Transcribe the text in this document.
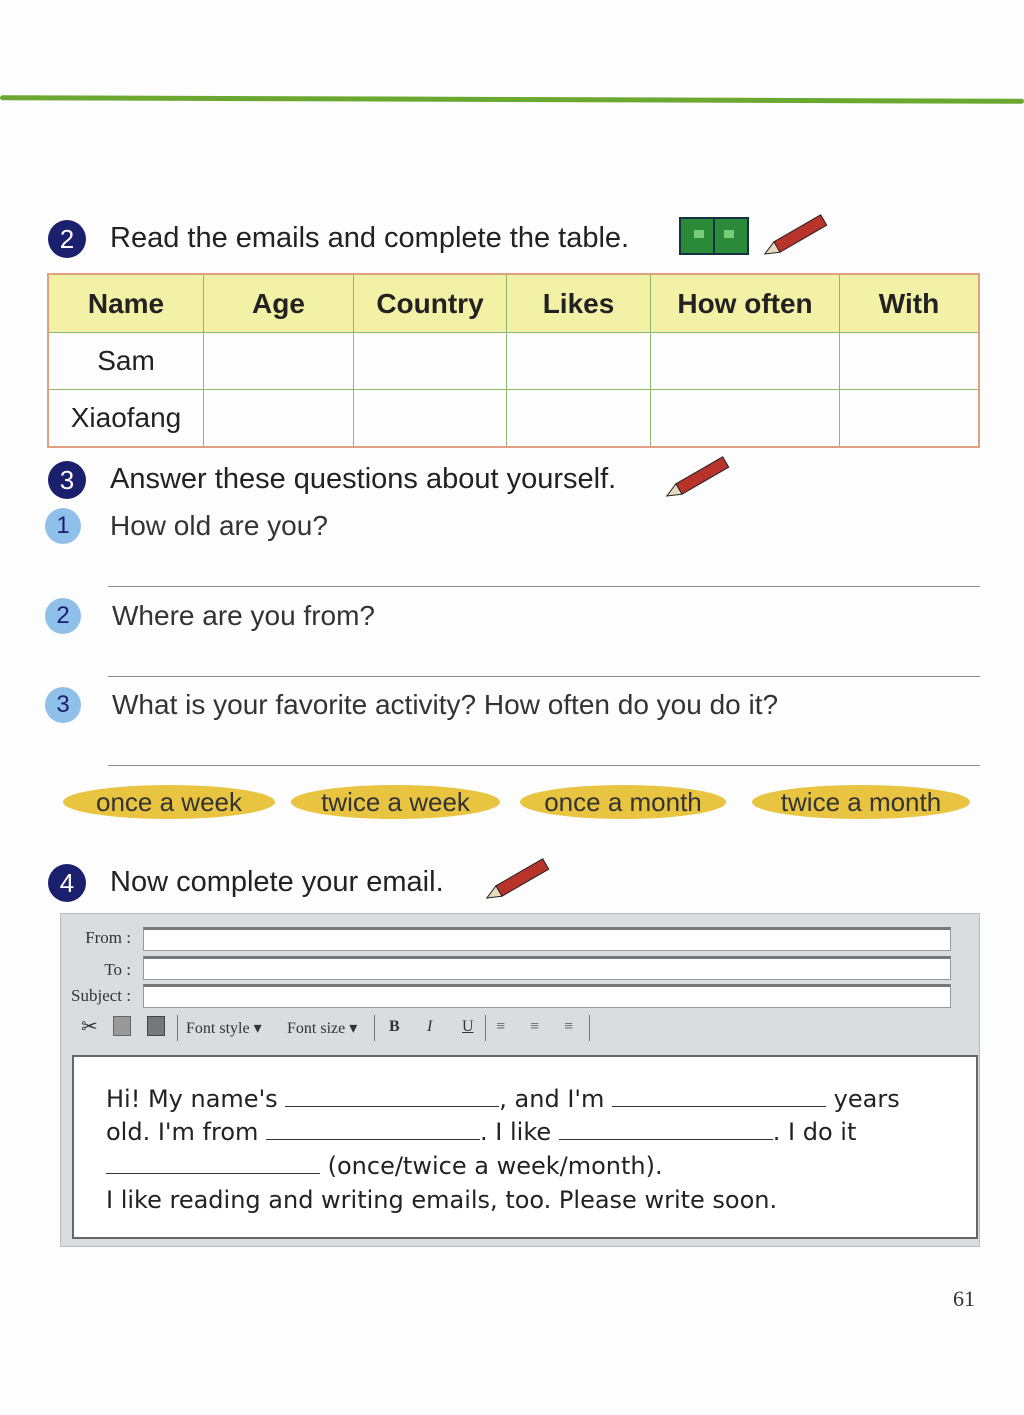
2	Read the emails and complete the table.
Name	Age	Country	Likes	How often	With
Sam					
Xiaofang					
3	Answer these questions about yourself.
1	How old are you?
2	Where are you from?
3	What is your favorite activity? How often do you do it?
once a week	twice a week	once a month	twice a month
4	Now complete your email.
From :
To :
Subject :
✂	Font style ▾ Font size ▾ B I U ≡ ≡ ≡
Hi! My name's	, and I'm	years
old. I'm from	. I like	. I do it
(once/twice a week/month).
I like reading and writing emails, too. Please write soon.
61
